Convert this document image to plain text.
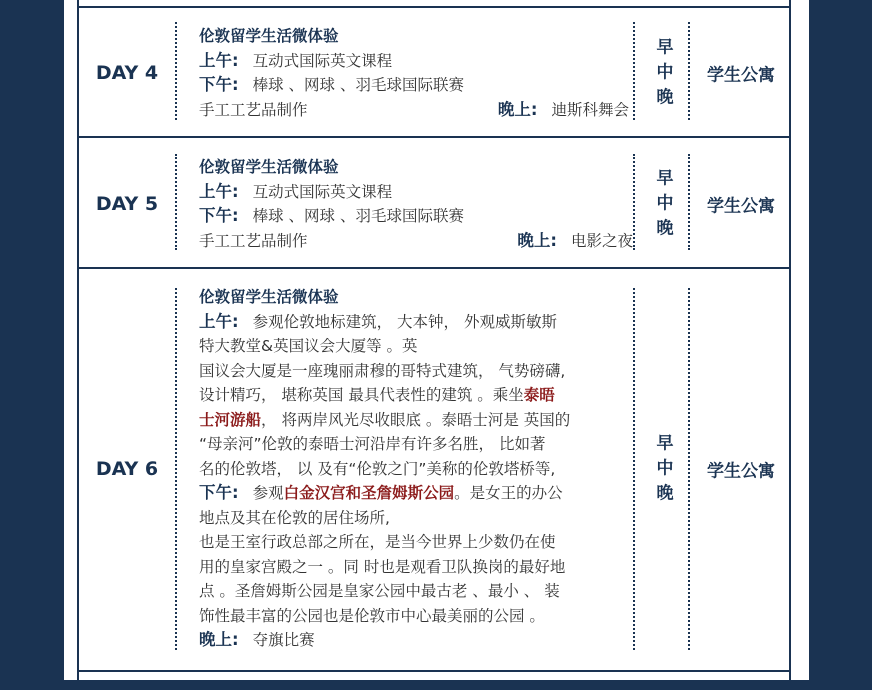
DAY 4
伦敦留学生活微体验
上午: 互动式国际英文课程
下午: 棒球 、网球 、羽毛球国际联赛
手工工艺品制作	晚上: 迪斯科舞会
早
中
晚
学生公寓
DAY 5
伦敦留学生活微体验
上午: 互动式国际英文课程
下午: 棒球 、网球 、羽毛球国际联赛
手工工艺品制作	晚上: 电影之夜
早
中
晚
学生公寓
DAY 6
伦敦留学生活微体验
上午: 参观伦敦地标建筑， 大本钟， 外观威斯敏斯
特大教堂&英国议会大厦等 。英
国议会大厦是一座瑰丽肃穆的哥特式建筑， 气势磅礴,
设计精巧， 堪称英国 最具代表性的建筑 。乘坐泰晤
士河游船， 将两岸风光尽收眼底 。泰晤士河是 英国的
“母亲河”伦敦的泰晤士河沿岸有许多名胜， 比如著
名的伦敦塔， 以 及有“伦敦之门”美称的伦敦塔桥等,
下午: 参观白金汉宫和圣詹姆斯公园。是女王的办公
地点及其在伦敦的居住场所,
也是王室行政总部之所在，是当今世界上少数仍在使
用的皇家宫殿之一 。同 时也是观看卫队换岗的最好地
点 。圣詹姆斯公园是皇家公园中最古老 、最小 、 装
饰性最丰富的公园也是伦敦市中心最美丽的公园 。
晚上: 夺旗比赛
早
中
晚
学生公寓
